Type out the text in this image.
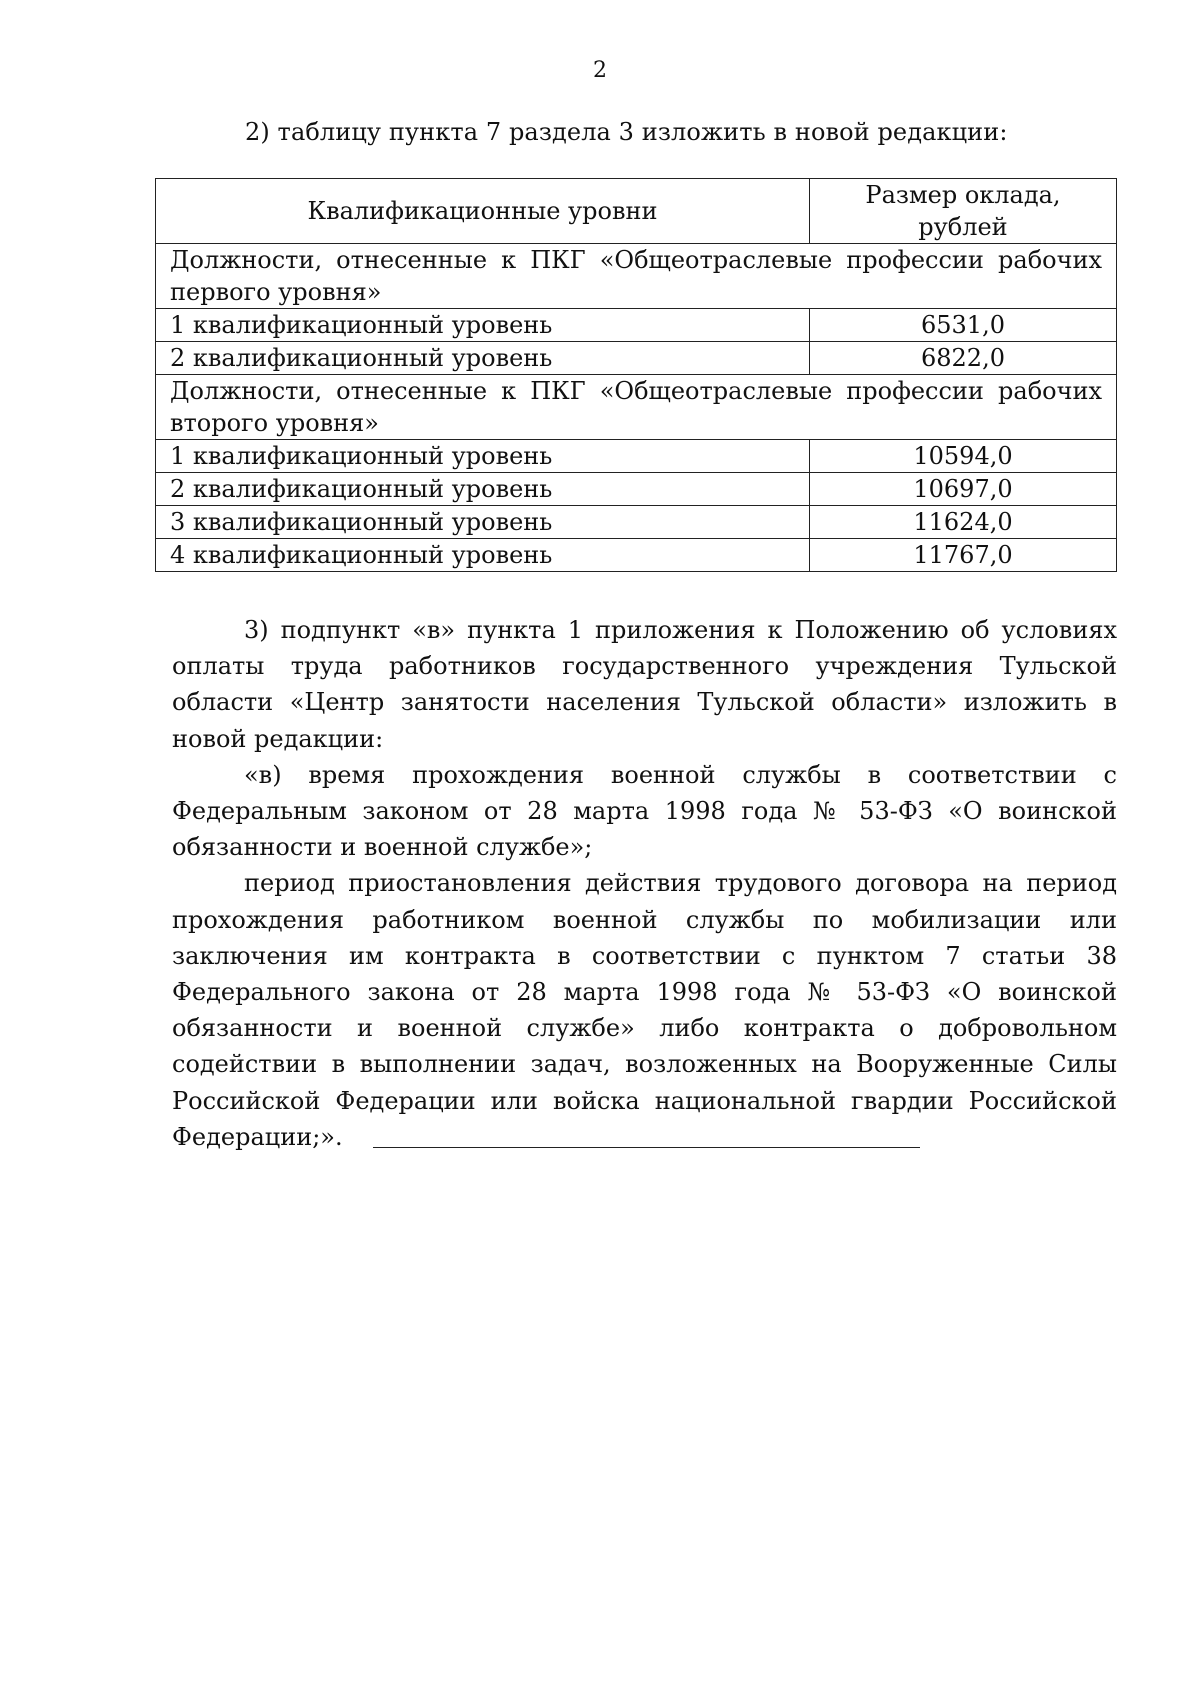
2
2) таблицу пункта 7 раздела 3 изложить в новой редакции:
Квалификационные уровни	Размер оклада, рублей
Должности, отнесенные к ПКГ «Общеотраслевые профессии рабочих первого уровня»	
1 квалификационный уровень	6531,0
2 квалификационный уровень	6822,0
Должности, отнесенные к ПКГ «Общеотраслевые профессии рабочих второго уровня»	
1 квалификационный уровень	10594,0
2 квалификационный уровень	10697,0
3 квалификационный уровень	11624,0
4 квалификационный уровень	11767,0

3) подпункт «в» пункта 1 приложения к Положению об условиях оплаты труда работников государственного учреждения Тульской области «Центр занятости населения Тульской области» изложить в новой редакции:

«в) время прохождения военной службы в соответствии с Федеральным законом от 28 марта 1998 года № 53-ФЗ «О воинской обязанности и военной службе»;

период приостановления действия трудового договора на период прохождения работником военной службы по мобилизации или заключения им контракта в соответствии с пунктом 7 статьи 38 Федерального закона от 28 марта 1998 года № 53-ФЗ «О воинской обязанности и военной службе» либо контракта о добровольном содействии в выполнении задач, возложенных на Вооруженные Силы Российской Федерации или войска национальной гвардии Российской Федерации;».
